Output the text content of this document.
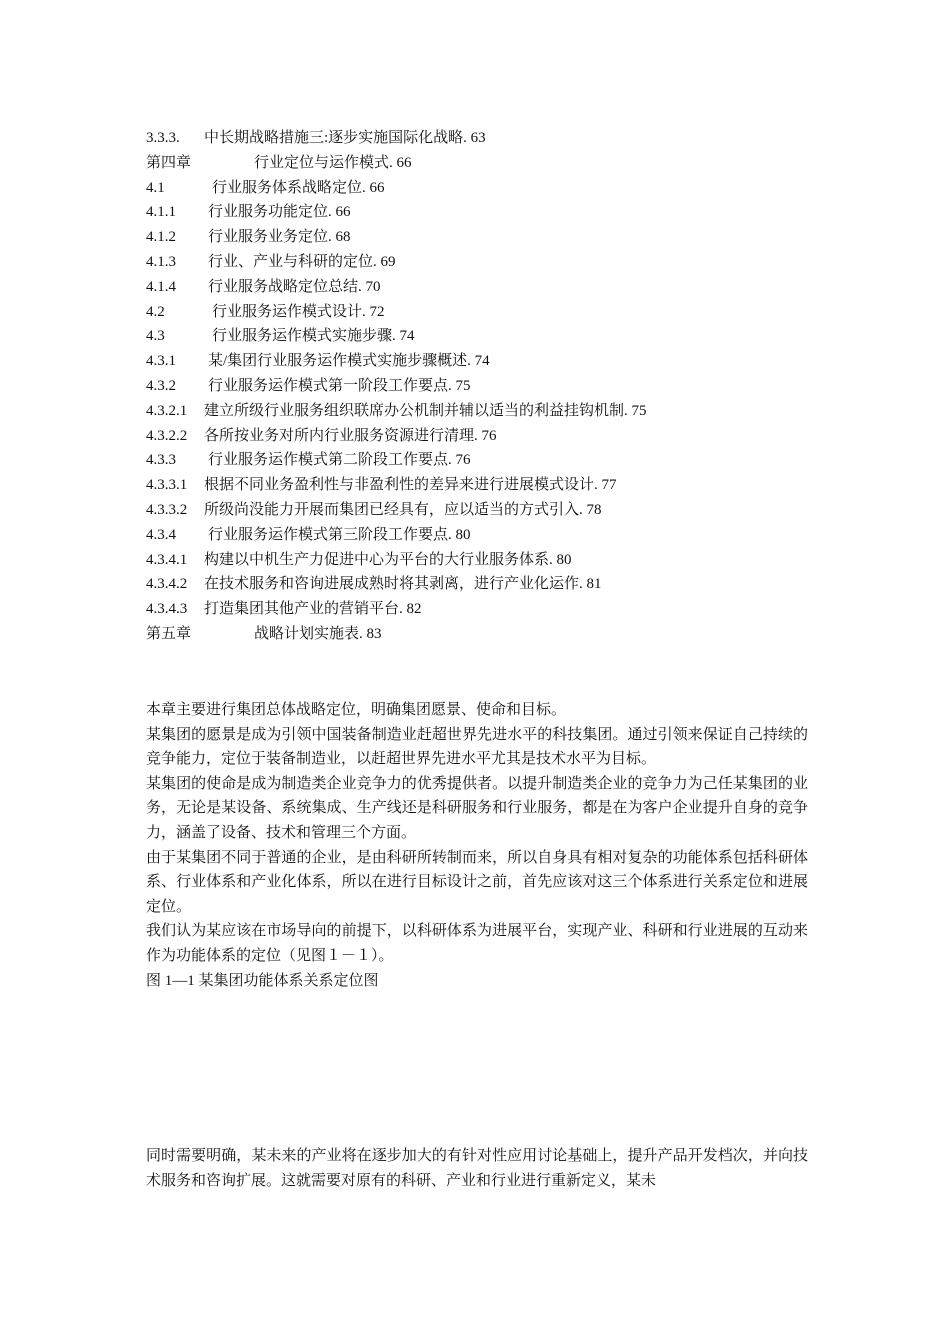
3.3.3. 中长期战略措施三:逐步实施国际化战略. 63
第四章	行业定位与运作模式. 66
4.1	行业服务体系战略定位. 66
4.1.1 行业服务功能定位. 66
4.1.2 行业服务业务定位. 68
4.1.3 行业、产业与科研的定位. 69
4.1.4 行业服务战略定位总结. 70
4.2	行业服务运作模式设计. 72
4.3	行业服务运作模式实施步骤. 74
4.3.1 某/集团行业服务运作模式实施步骤概述. 74
4.3.2 行业服务运作模式第一阶段工作要点. 75
4.3.2.1 建立所级行业服务组织联席办公机制并辅以适当的利益挂钩机制. 75
4.3.2.2 各所按业务对所内行业服务资源进行清理. 76
4.3.3 行业服务运作模式第二阶段工作要点. 76
4.3.3.1 根据不同业务盈利性与非盈利性的差异来进行进展模式设计. 77
4.3.3.2 所级尚没能力开展而集团已经具有，应以适当的方式引入. 78
4.3.4 行业服务运作模式第三阶段工作要点. 80
4.3.4.1 构建以中机生产力促进中心为平台的大行业服务体系. 80
4.3.4.2 在技术服务和咨询进展成熟时将其剥离，进行产业化运作. 81
4.3.4.3 打造集团其他产业的营销平台. 82
第五章	战略计划实施表. 83

本章主要进行集团总体战略定位，明确集团愿景、使命和目标。

某集团的愿景是成为引领中国装备制造业赶超世界先进水平的科技集团。通过引领来保证自己持续的竞争能力，定位于装备制造业，以赶超世界先进水平尤其是技术水平为目标。

某集团的使命是成为制造类企业竞争力的优秀提供者。以提升制造类企业的竞争力为己任某集团的业务，无论是某设备、系统集成、生产线还是科研服务和行业服务，都是在为客户企业提升自身的竞争力，涵盖了设备、技术和管理三个方面。

由于某集团不同于普通的企业，是由科研所转制而来，所以自身具有相对复杂的功能体系包括科研体系、行业体系和产业化体系，所以在进行目标设计之前，首先应该对这三个体系进行关系定位和进展定位。

我们认为某应该在市场导向的前提下，以科研体系为进展平台，实现产业、科研和行业进展的互动来作为功能体系的定位（见图１－１）。

图 1—1 某集团功能体系关系定位图

同时需要明确，某未来的产业将在逐步加大的有针对性应用讨论基础上，提升产品开发档次，并向技术服务和咨询扩展。这就需要对原有的科研、产业和行业进行重新定义，某未
